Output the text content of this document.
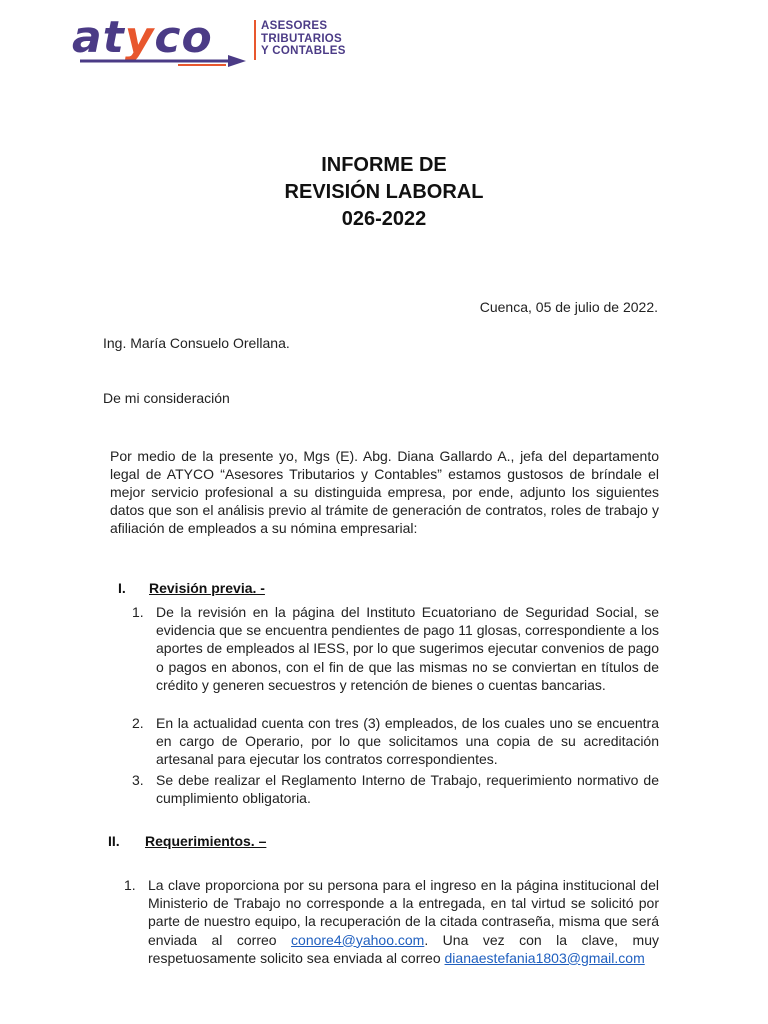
atyco	ASESORES
TRIBUTARIOS
Y CONTABLES
INFORME DE
REVISIÓN LABORAL
026-2022
Cuenca, 05 de julio de 2022.
Ing. María Consuelo Orellana.
De mi consideración
Por medio de la presente yo, Mgs (E). Abg. Diana Gallardo A., jefa del departamento legal de ATYCO “Asesores Tributarios y Contables” estamos gustosos de bríndale el mejor servicio profesional a su distinguida empresa, por ende, adjunto los siguientes datos que son el análisis previo al trámite de generación de contratos, roles de trabajo y afiliación de empleados a su nómina empresarial:
I. Revisión previa. -
1. De la revisión en la página del Instituto Ecuatoriano de Seguridad Social, se evidencia que se encuentra pendientes de pago 11 glosas, correspondiente a los aportes de empleados al IESS, por lo que sugerimos ejecutar convenios de pago o pagos en abonos, con el fin de que las mismas no se conviertan en títulos de crédito y generen secuestros y retención de bienes o cuentas bancarias.
2. En la actualidad cuenta con tres (3) empleados, de los cuales uno se encuentra en cargo de Operario, por lo que solicitamos una copia de su acreditación artesanal para ejecutar los contratos correspondientes.
3. Se debe realizar el Reglamento Interno de Trabajo, requerimiento normativo de cumplimiento obligatoria.
II. Requerimientos. –
1. La clave proporciona por su persona para el ingreso en la página institucional del Ministerio de Trabajo no corresponde a la entregada, en tal virtud se solicitó por parte de nuestro equipo, la recuperación de la citada contraseña, misma que será enviada al correo conore4@yahoo.com. Una vez con la clave, muy respetuosamente solicito sea enviada al correo dianaestefania1803@gmail.com
